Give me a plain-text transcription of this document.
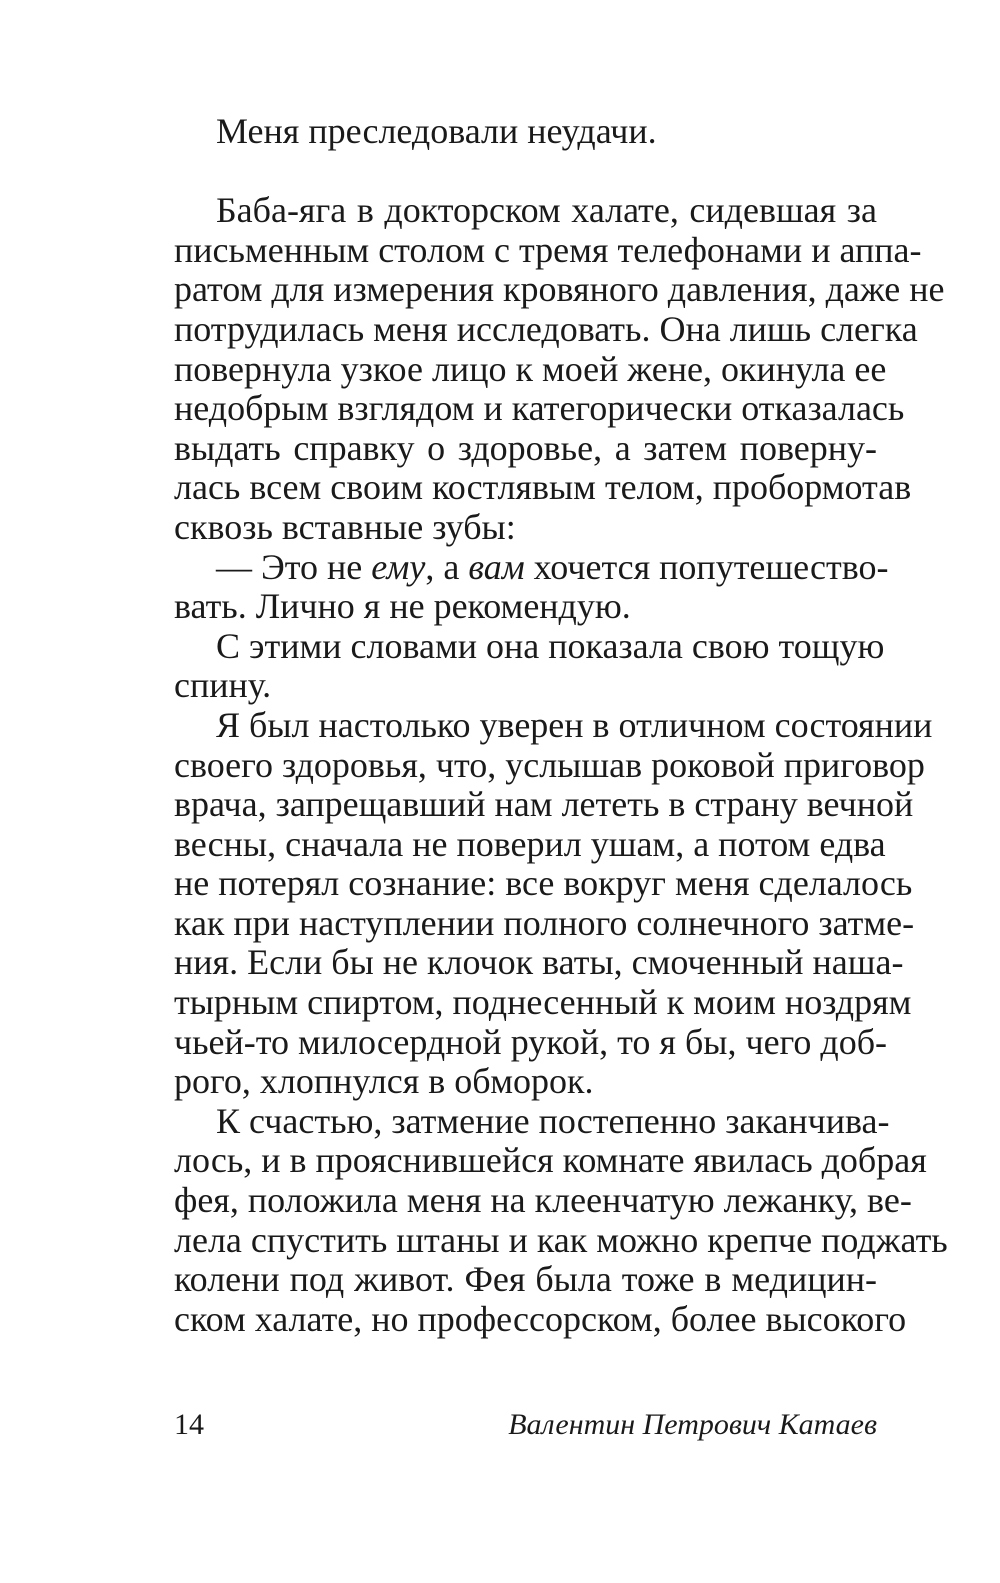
Меня преследовали неудачи.
Баба-яга в докторском халате, сидевшая за
письменным столом с тремя телефонами и аппа-
ратом для измерения кровяного давления, даже не
потрудилась меня исследовать. Она лишь слегка
повернула узкое лицо к моей жене, окинула ее
недобрым взглядом и категорически отказалась
выдать справку о здоровье, а затем поверну-
лась всем своим костлявым телом, пробормотав
сквозь вставные зубы:
— Это не ему, а вам хочется попутешество-
вать. Лично я не рекомендую.
С этими словами она показала свою тощую
спину.
Я был настолько уверен в отличном состоянии
своего здоровья, что, услышав роковой приговор
врача, запрещавший нам лететь в страну вечной
весны, сначала не поверил ушам, а потом едва
не потерял сознание: все вокруг меня сделалось
как при наступлении полного солнечного затме-
ния. Если бы не клочок ваты, смоченный наша-
тырным спиртом, поднесенный к моим ноздрям
чьей-то милосердной рукой, то я бы, чего доб-
рого, хлопнулся в обморок.
К счастью, затмение постепенно заканчива-
лось, и в прояснившейся комнате явилась добрая
фея, положила меня на клеенчатую лежанку, ве-
лела спустить штаны и как можно крепче поджать
колени под живот. Фея была тоже в медицин-
ском халате, но профессорском, более высокого
14	Валентин Петрович Катаев
